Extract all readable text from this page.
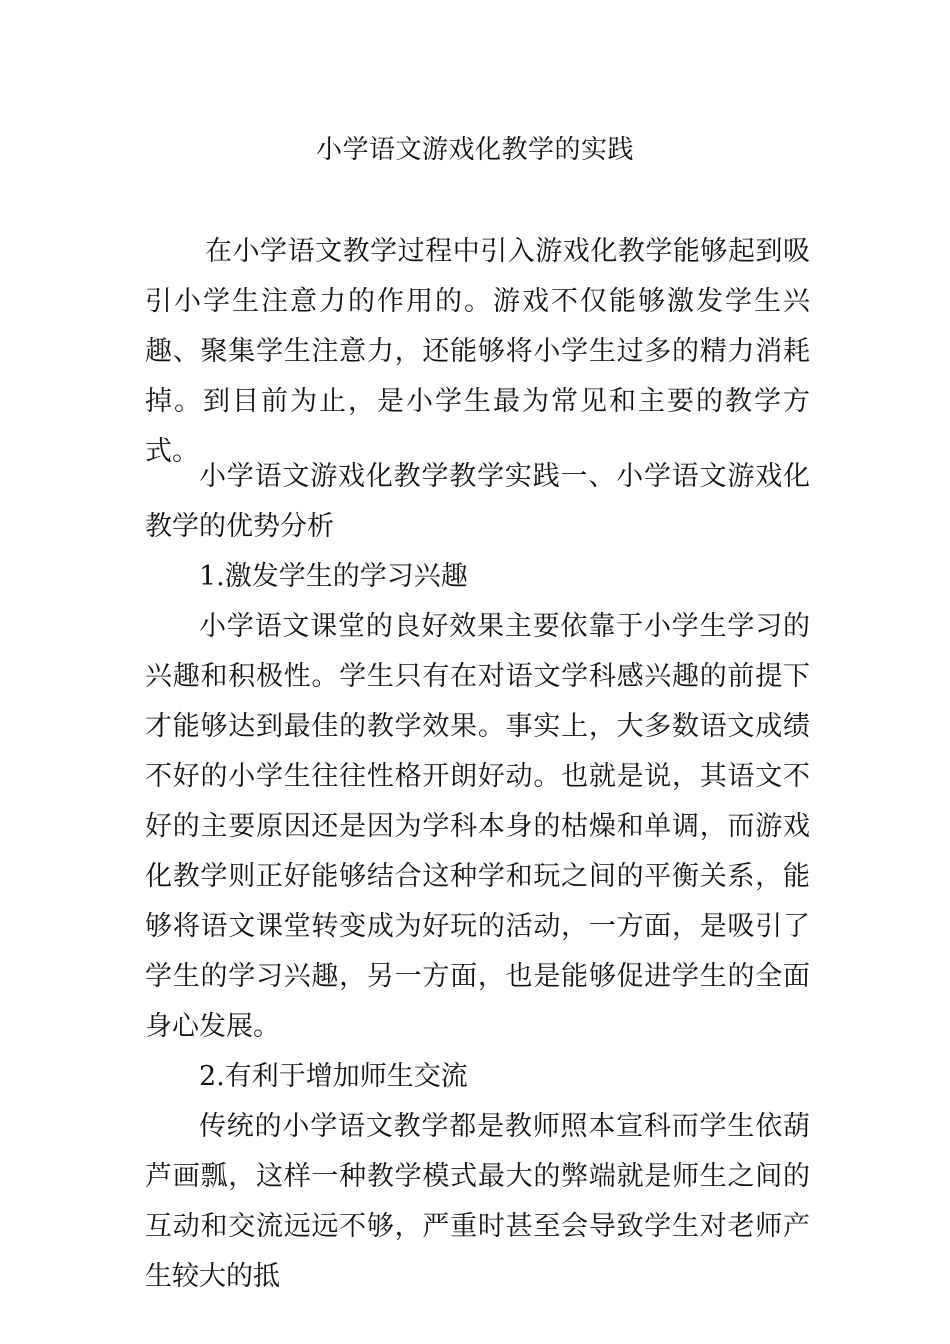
小学语文游戏化教学的实践

在小学语文教学过程中引入游戏化教学能够起到吸引小学生注意力的作用的。游戏不仅能够激发学生兴趣、聚集学生注意力，还能够将小学生过多的精力消耗掉。到目前为止，是小学生最为常见和主要的教学方式。

小学语文游戏化教学教学实践一、小学语文游戏化教学的优势分析

1.激发学生的学习兴趣

小学语文课堂的良好效果主要依靠于小学生学习的兴趣和积极性。学生只有在对语文学科感兴趣的前提下才能够达到最佳的教学效果。事实上，大多数语文成绩不好的小学生往往性格开朗好动。也就是说，其语文不好的主要原因还是因为学科本身的枯燥和单调，而游戏化教学则正好能够结合这种学和玩之间的平衡关系，能够将语文课堂转变成为好玩的活动，一方面，是吸引了学生的学习兴趣，另一方面，也是能够促进学生的全面身心发展。

2.有利于增加师生交流

传统的小学语文教学都是教师照本宣科而学生依葫芦画瓢，这样一种教学模式最大的弊端就是师生之间的互动和交流远远不够，严重时甚至会导致学生对老师产生较大的抵
